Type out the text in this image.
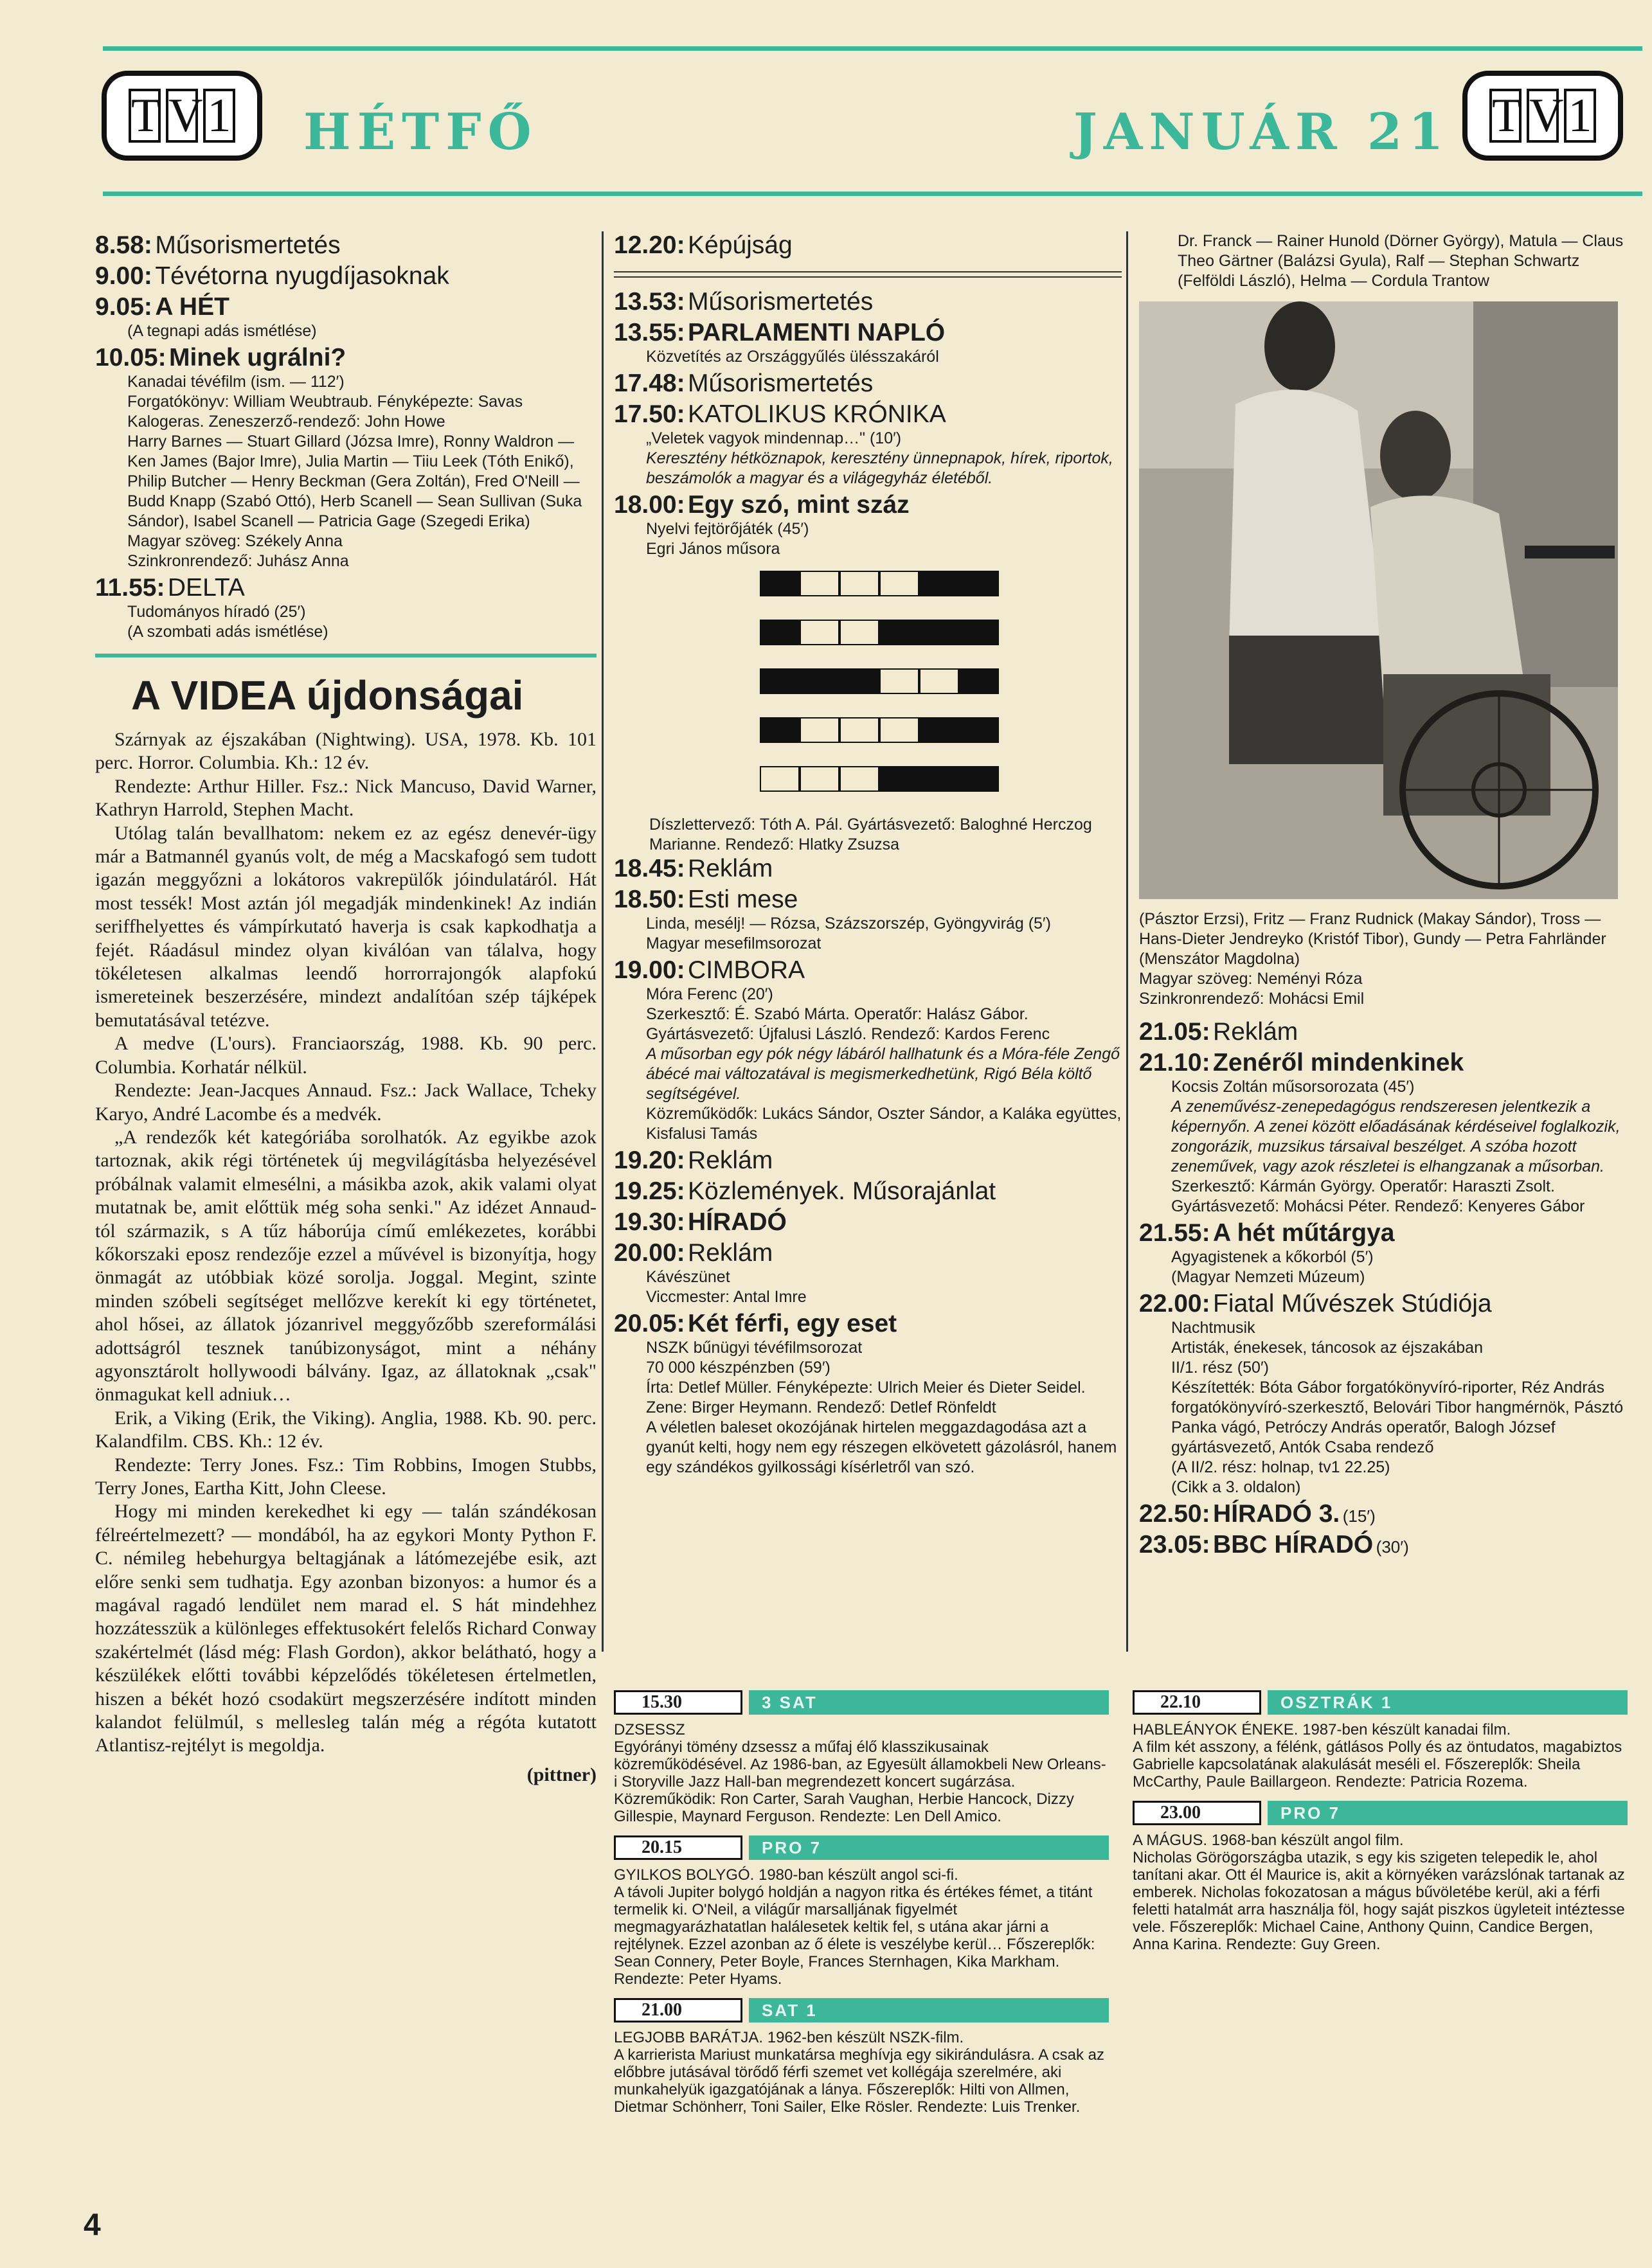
T V 1 HÉTFŐ	JANUÁR 21 T V 1
8.58: Műsorismertetés
9.00: Tévétorna nyugdíjasoknak
9.05: A HÉT
(A tegnapi adás ismétlése)
10.05: Minek ugrálni?
Kanadai tévéfilm (ism. — 112′)
Forgatókönyv: William Weubtraub. Fényképezte: Savas Kalogeras. Zeneszerző-rendező: John Howe
Harry Barnes — Stuart Gillard (Józsa Imre), Ronny Waldron — Ken James (Bajor Imre), Julia Martin — Tiiu Leek (Tóth Enikő), Philip Butcher — Henry Beckman (Gera Zoltán), Fred O'Neill — Budd Knapp (Szabó Ottó), Herb Scanell — Sean Sullivan (Suka Sándor), Isabel Scanell — Patricia Gage (Szegedi Erika)
Magyar szöveg: Székely Anna
Szinkronrendező: Juhász Anna
11.55: DELTA
Tudományos híradó (25′)
(A szombati adás ismétlése)
A VIDEA újdonságai

Szárnyak az éjszakában (Nightwing). USA, 1978. Kb. 101 perc. Horror. Columbia. Kh.: 12 év.

Rendezte: Arthur Hiller. Fsz.: Nick Mancuso, David Warner, Kathryn Harrold, Stephen Macht.

Utólag talán bevallhatom: nekem ez az egész denevér-ügy már a Batmannél gyanús volt, de még a Macskafogó sem tudott igazán meggyőzni a lokátoros vakrepülők jóindulatáról. Hát most tessék! Most aztán jól megadják mindenkinek! Az indián seriffhelyettes és vámpírkutató haverja is csak kapkodhatja a fejét. Ráadásul mindez olyan kiválóan van tálalva, hogy tökéletesen alkalmas leendő horrorrajongók alapfokú ismereteinek beszerzésére, mindezt andalítóan szép tájképek bemutatásával tetézve.

A medve (L'ours). Franciaország, 1988. Kb. 90 perc. Columbia. Korhatár nélkül.

Rendezte: Jean-Jacques Annaud. Fsz.: Jack Wallace, Tcheky Karyo, André Lacombe és a medvék.

„A rendezők két kategóriába sorolhatók. Az egyikbe azok tartoznak, akik régi történetek új megvilágításba helyezésével próbálnak valamit elmesélni, a másikba azok, akik valami olyat mutatnak be, amit előttük még soha senki." Az idézet Annaud-tól származik, s A tűz háborúja című emlékezetes, korábbi kőkorszaki eposz rendezője ezzel a művével is bizonyítja, hogy önmagát az utóbbiak közé sorolja. Joggal. Megint, szinte minden szóbeli segítséget mellőzve kerekít ki egy történetet, ahol hősei, az állatok józanrivel meggyőzőbb szereformálási adottságról tesznek tanúbizonyságot, mint a néhány agyonsztárolt hollywoodi bálvány. Igaz, az állatoknak „csak" önmagukat kell adniuk…

Erik, a Viking (Erik, the Viking). Anglia, 1988. Kb. 90. perc. Kalandfilm. CBS. Kh.: 12 év.

Rendezte: Terry Jones. Fsz.: Tim Robbins, Imogen Stubbs, Terry Jones, Eartha Kitt, John Cleese.

Hogy mi minden kerekedhet ki egy — talán szándékosan félreértelmezett? — mondából, ha az egykori Monty Python F. C. némileg hebehurgya beltagjának a látómezejébe esik, azt előre senki sem tudhatja. Egy azonban bizonyos: a humor és a magával ragadó lendület nem marad el. S hát mindehhez hozzátesszük a különleges effektusokért felelős Richard Conway szakértelmét (lásd még: Flash Gordon), akkor belátható, hogy a készülékek előtti további képzelődés tökéletesen értelmetlen, hiszen a békét hozó csodakürt megszerzésére indított minden kalandot felülmúl, s mellesleg talán még a régóta kutatott Atlantisz-rejtélyt is megoldja.

(pittner)
12.20: Képújság
13.53: Műsorismertetés
13.55: PARLAMENTI NAPLÓ
Közvetítés az Országgyűlés ülésszakáról
17.48: Műsorismertetés
17.50: KATOLIKUS KRÓNIKA
„Veletek vagyok mindennap…" (10′)
Keresztény hétköznapok, keresztény ünnepnapok, hírek, riportok, beszámolók a magyar és a világegyház életéből.
18.00: Egy szó, mint száz
Nyelvi fejtörőjáték (45′)
Egri János műsora
Díszlettervező: Tóth A. Pál. Gyártásvezető: Baloghné Herczog Marianne. Rendező: Hlatky Zsuzsa
18.45: Reklám
18.50: Esti mese
Linda, mesélj! — Rózsa, Százszorszép, Gyöngyvirág (5′)
Magyar mesefilmsorozat
19.00: CIMBORA
Móra Ferenc (20′)
Szerkesztő: É. Szabó Márta. Operatőr: Halász Gábor. Gyártásvezető: Újfalusi László. Rendező: Kardos Ferenc
A műsorban egy pók négy lábáról hallhatunk és a Móra-féle Zengő ábécé mai változatával is megismerkedhetünk, Rigó Béla költő segítségével.
Közreműködők: Lukács Sándor, Oszter Sándor, a Kaláka együttes, Kisfalusi Tamás
19.20: Reklám
19.25: Közlemények. Műsorajánlat
19.30: HÍRADÓ
20.00: Reklám
Kávészünet
Viccmester: Antal Imre
20.05: Két férfi, egy eset
NSZK bűnügyi tévéfilmsorozat
70 000 készpénzben (59′)
Írta: Detlef Müller. Fényképezte: Ulrich Meier és Dieter Seidel. Zene: Birger Heymann. Rendező: Detlef Rönfeldt
A véletlen baleset okozójának hirtelen meggazdagodása azt a gyanút kelti, hogy nem egy részegen elkövetett gázolásról, hanem egy szándékos gyilkossági kísérletről van szó.
Dr. Franck — Rainer Hunold (Dörner György), Matula — Claus Theo Gärtner (Balázsi Gyula), Ralf — Stephan Schwartz (Felföldi László), Helma — Cordula Trantow
(Pásztor Erzsi), Fritz — Franz Rudnick (Makay Sándor), Tross — Hans-Dieter Jendreyko (Kristóf Tibor), Gundy — Petra Fahrländer (Menszátor Magdolna)
Magyar szöveg: Neményi Róza
Szinkronrendező: Mohácsi Emil
21.05: Reklám
21.10: Zenéről mindenkinek
Kocsis Zoltán műsorsorozata (45′)
A zeneművész-zenepedagógus rendszeresen jelentkezik a képernyőn. A zenei között előadásának kérdéseivel foglalkozik, zongorázik, muzsikus társaival beszélget. A szóba hozott zeneművek, vagy azok részletei is elhangzanak a műsorban.
Szerkesztő: Kármán György. Operatőr: Haraszti Zsolt. Gyártásvezető: Mohácsi Péter. Rendező: Kenyeres Gábor
21.55: A hét műtárgya
Agyagistenek a kőkorból (5′)
(Magyar Nemzeti Múzeum)
22.00: Fiatal Művészek Stúdiója
Nachtmusik
Artisták, énekesek, táncosok az éjszakában
II/1. rész (50′)
Készítették: Bóta Gábor forgatókönyvíró-riporter, Réz András forgatókönyvíró-szerkesztő, Belovári Tibor hangmérnök, Pásztó Panka vágó, Petróczy András operatőr, Balogh József gyártásvezető, Antók Csaba rendező
(A II/2. rész: holnap, tv1 22.25)
(Cikk a 3. oldalon)
22.50: HÍRADÓ 3. (15′)
23.05: BBC HÍRADÓ (30′)
15.30	3 SAT

DZSESSZ

Egyórányi tömény dzsessz a műfaj élő klasszikusainak közreműködésével. Az 1986-ban, az Egyesült államokbeli New Orleans-i Storyville Jazz Hall-ban megrendezett koncert sugárzása. Közreműködik: Ron Carter, Sarah Vaughan, Herbie Hancock, Dizzy Gillespie, Maynard Ferguson. Rendezte: Len Dell Amico.

20.15	PRO 7

GYILKOS BOLYGÓ. 1980-ban készült angol sci-fi.

A távoli Jupiter bolygó holdján a nagyon ritka és értékes fémet, a titánt termelik ki. O'Neil, a világűr marsalljának figyelmét megmagyarázhatatlan halálesetek keltik fel, s utána akar járni a rejtélynek. Ezzel azonban az ő élete is veszélybe kerül… Főszereplők: Sean Connery, Peter Boyle, Frances Sternhagen, Kika Markham. Rendezte: Peter Hyams.

21.00	SAT 1

LEGJOBB BARÁTJA. 1962-ben készült NSZK-film.

A karrierista Mariust munkatársa meghívja egy sikirándulásra. A csak az előbbre jutásával törődő férfi szemet vet kollégája szerelmére, aki munkahelyük igazgatójának a lánya. Főszereplők: Hilti von Allmen, Dietmar Schönherr, Toni Sailer, Elke Rösler. Rendezte: Luis Trenker.

22.10	OSZTRÁK 1

HABLEÁNYOK ÉNEKE. 1987-ben készült kanadai film.

A film két asszony, a félénk, gátlásos Polly és az öntudatos, magabiztos Gabrielle kapcsolatának alakulását meséli el. Főszereplők: Sheila McCarthy, Paule Baillargeon. Rendezte: Patricia Rozema.

23.00	PRO 7

A MÁGUS. 1968-ban készült angol film.

Nicholas Görögországba utazik, s egy kis szigeten telepedik le, ahol tanítani akar. Ott él Maurice is, akit a környéken varázslónak tartanak az emberek. Nicholas fokozatosan a mágus bűvöletébe kerül, aki a férfi feletti hatalmát arra használja föl, hogy saját piszkos ügyleteit intéztesse vele. Főszereplők: Michael Caine, Anthony Quinn, Candice Bergen, Anna Karina. Rendezte: Guy Green.

4
